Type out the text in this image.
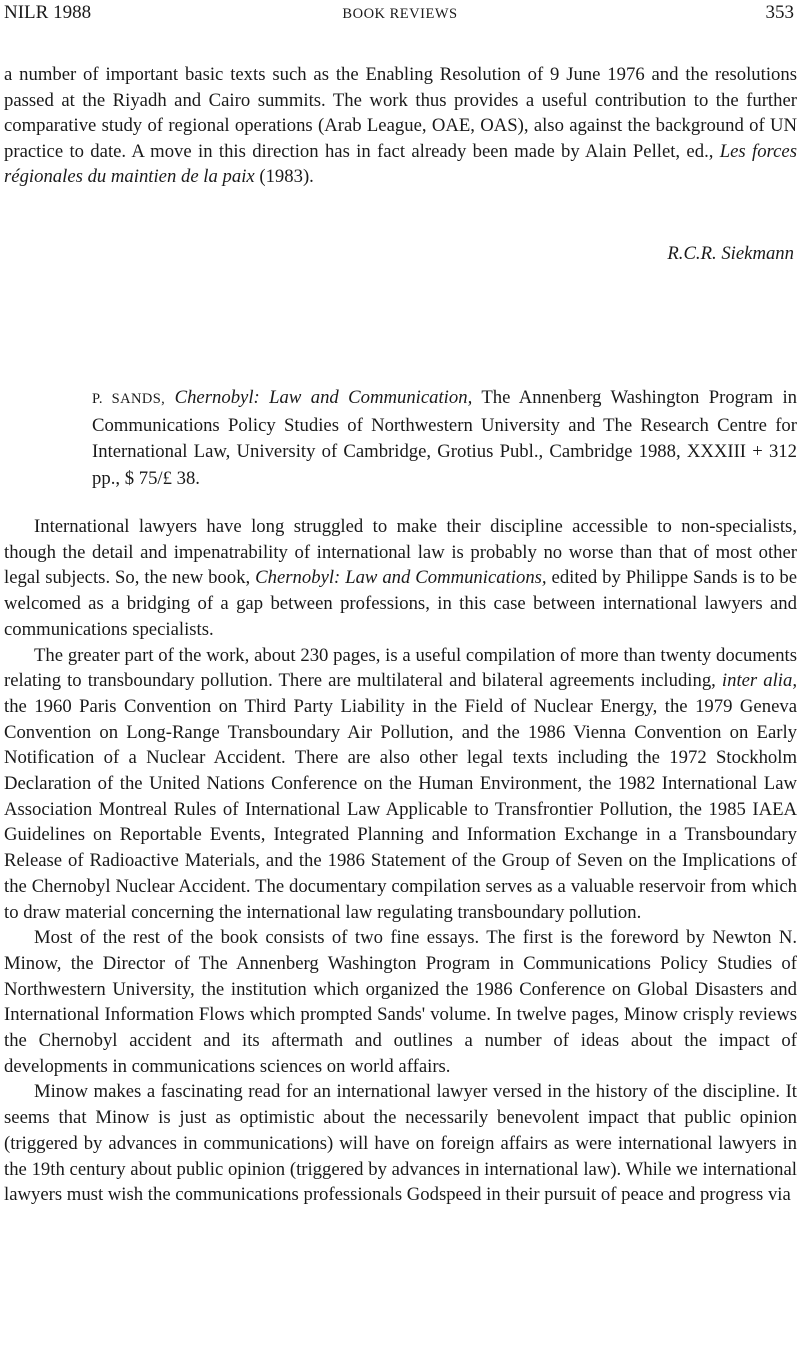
NILR 1988	BOOK REVIEWS	353

a number of important basic texts such as the Enabling Resolution of 9 June 1976 and the resolutions passed at the Riyadh and Cairo summits. The work thus provides a useful contribution to the further comparative study of regional operations (Arab League, OAE, OAS), also against the background of UN practice to date. A move in this direction has in fact already been made by Alain Pellet, ed., Les forces régionales du maintien de la paix (1983).

R.C.R. Siekmann
P. SANDS, Chernobyl: Law and Communication, The Annenberg Washington Program in Communications Policy Studies of Northwestern University and The Research Centre for International Law, University of Cambridge, Grotius Publ., Cambridge 1988, XXXIII + 312 pp., $ 75/£ 38.

International lawyers have long struggled to make their discipline accessible to non-specialists, though the detail and impenatrability of international law is probably no worse than that of most other legal subjects. So, the new book, Chernobyl: Law and Communications, edited by Philippe Sands is to be welcomed as a bridging of a gap between professions, in this case between international lawyers and communications specialists.

The greater part of the work, about 230 pages, is a useful compilation of more than twenty documents relating to transboundary pollution. There are multilateral and bilateral agreements including, inter alia, the 1960 Paris Convention on Third Party Liability in the Field of Nuclear Energy, the 1979 Geneva Convention on Long-Range Transboundary Air Pollution, and the 1986 Vienna Convention on Early Notification of a Nuclear Accident. There are also other legal texts including the 1972 Stockholm Declaration of the United Nations Conference on the Human Environment, the 1982 International Law Association Montreal Rules of International Law Applicable to Transfrontier Pollution, the 1985 IAEA Guidelines on Reportable Events, Integrated Planning and Information Exchange in a Transboundary Release of Radioactive Materials, and the 1986 Statement of the Group of Seven on the Implications of the Chernobyl Nuclear Accident. The documentary compilation serves as a valuable reservoir from which to draw material concerning the international law regulating transboundary pollution.

Most of the rest of the book consists of two fine essays. The first is the foreword by Newton N. Minow, the Director of The Annenberg Washington Program in Communications Policy Studies of Northwestern University, the institution which organized the 1986 Conference on Global Disasters and International Information Flows which prompted Sands' volume. In twelve pages, Minow crisply reviews the Chernobyl accident and its aftermath and outlines a number of ideas about the impact of developments in communications sciences on world affairs.

Minow makes a fascinating read for an international lawyer versed in the history of the discipline. It seems that Minow is just as optimistic about the necessarily benevolent impact that public opinion (triggered by advances in communications) will have on foreign affairs as were international lawyers in the 19th century about public opinion (triggered by advances in international law). While we international lawyers must wish the communications professionals Godspeed in their pursuit of peace and progress via
